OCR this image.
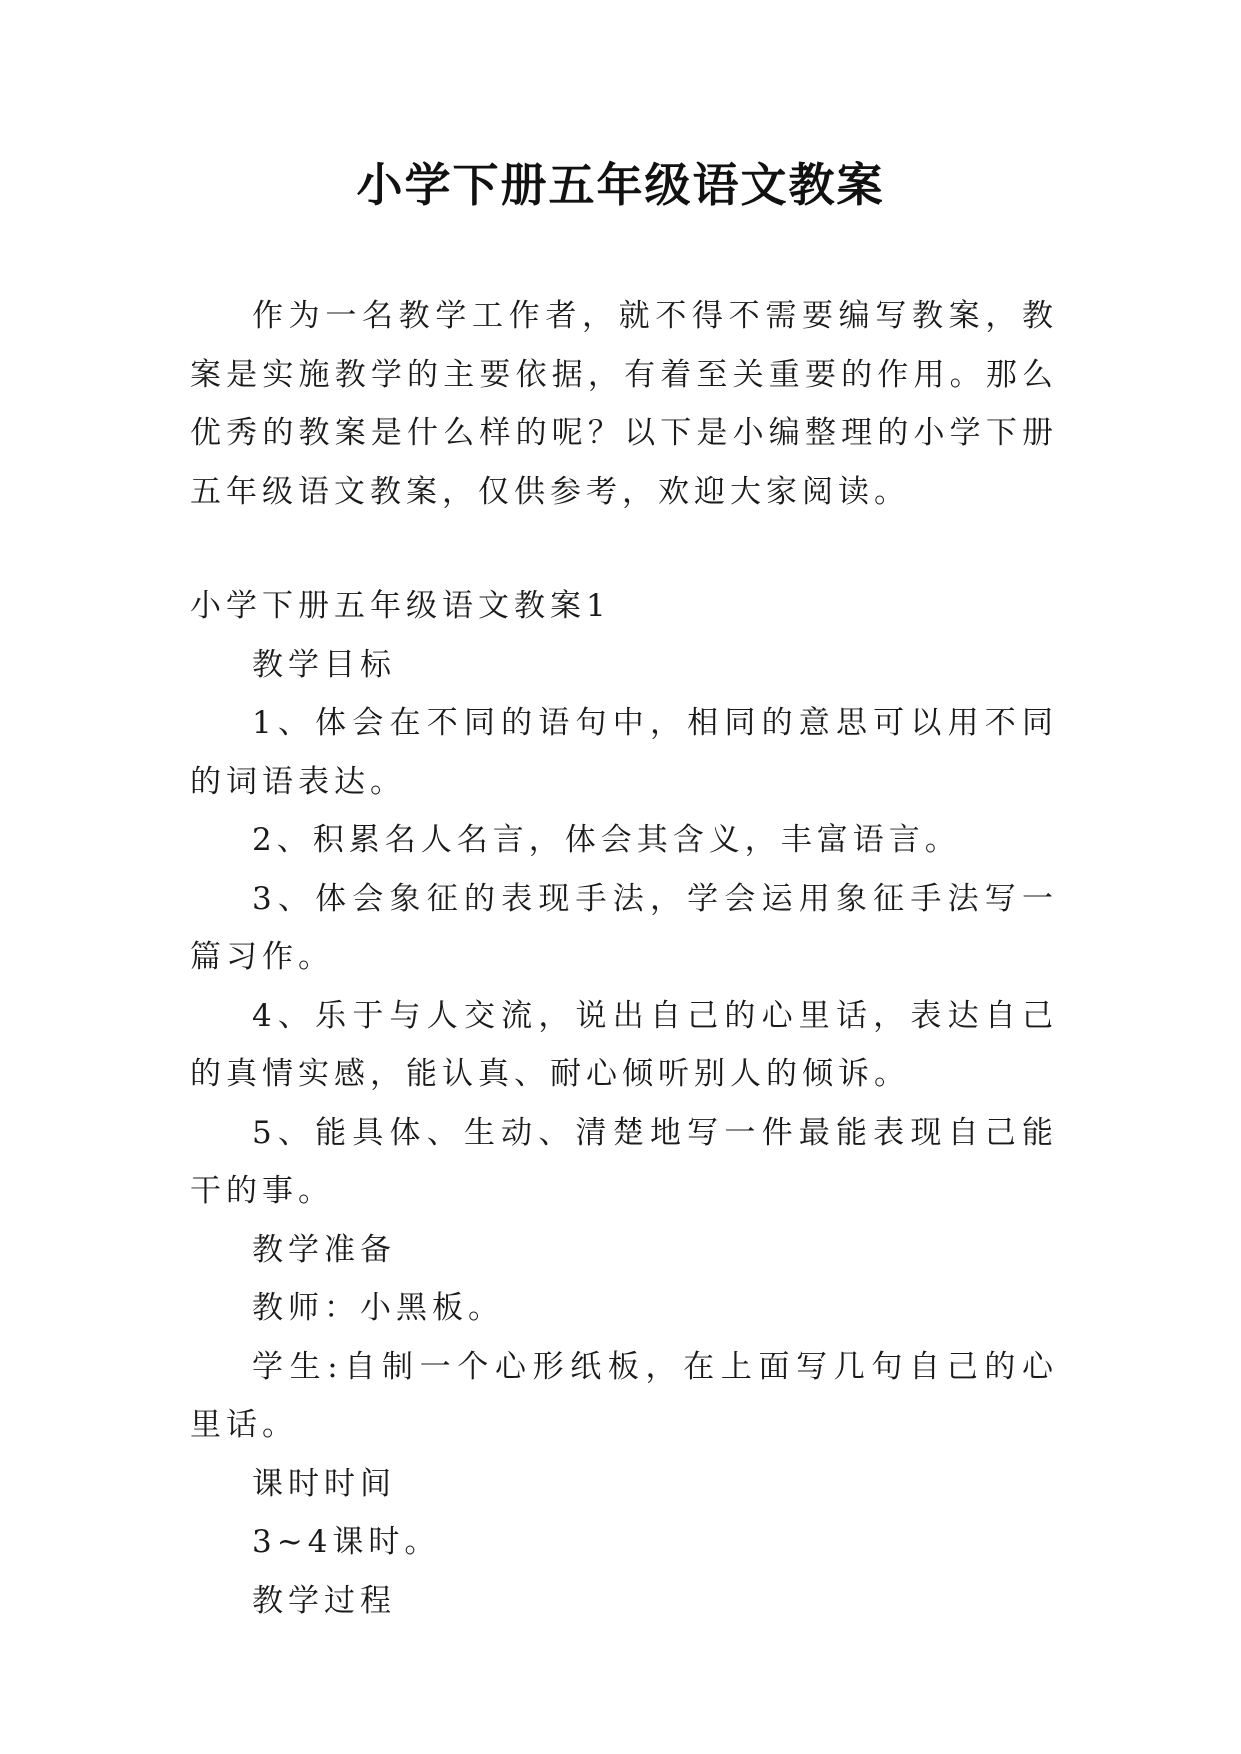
小学下册五年级语文教案

作为一名教学工作者，就不得不需要编写教案，教案是实施教学的主要依据，有着至关重要的作用。那么优秀的教案是什么样的呢？以下是小编整理的小学下册五年级语文教案，仅供参考，欢迎大家阅读。

小学下册五年级语文教案1

教学目标

1、体会在不同的语句中，相同的意思可以用不同的词语表达。

2、积累名人名言，体会其含义，丰富语言。

3、体会象征的表现手法，学会运用象征手法写一篇习作。

4、乐于与人交流，说出自己的心里话，表达自己的真情实感，能认真、耐心倾听别人的倾诉。

5、能具体、生动、清楚地写一件最能表现自己能干的事。

教学准备

教师：小黑板。

学生:自制一个心形纸板，在上面写几句自己的心里话。

课时时间

3~4课时。

教学过程
